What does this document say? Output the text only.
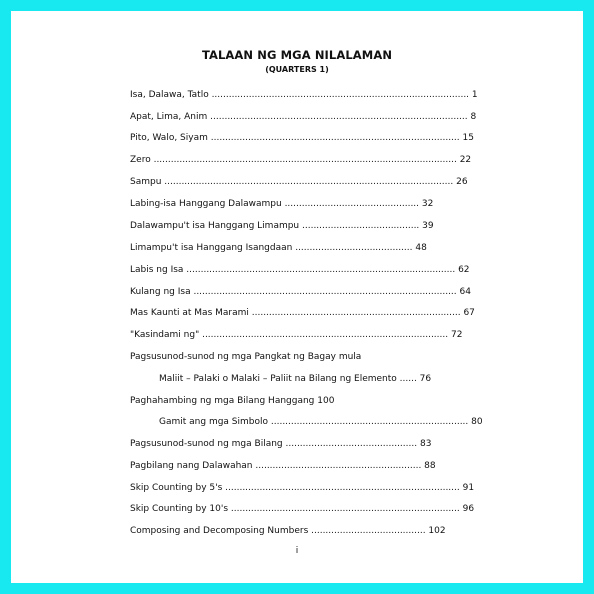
TALAAN NG MGA NILALAMAN
(QUARTERS 1)
Isa, Dalawa, Tatlo .......................................................................................... 1
Apat, Lima, Anim .......................................................................................... 8
Pito, Walo, Siyam ....................................................................................... 15
Zero .......................................................................................................... 22
Sampu ..................................................................................................... 26
Labing-isa Hanggang Dalawampu ............................................... 32
Dalawampu't isa Hanggang Limampu ......................................... 39
Limampu't isa Hanggang Isangdaan ......................................... 48
Labis ng Isa .............................................................................................. 62
Kulang ng Isa ............................................................................................ 64
Mas Kaunti at Mas Marami ......................................................................... 67
"Kasindami ng" ...................................................................................... 72
Pagsusunod-sunod ng mga Pangkat ng Bagay mula
Maliit – Palaki o Malaki – Paliit na Bilang ng Elemento ...... 76
Paghahambing ng mga Bilang Hanggang 100
Gamit ang mga Simbolo ..................................................................... 80
Pagsusunod-sunod ng mga Bilang .............................................. 83
Pagbilang nang Dalawahan .......................................................... 88
Skip Counting by 5's .................................................................................. 91
Skip Counting by 10's ................................................................................ 96
Composing and Decomposing Numbers ........................................ 102
i
